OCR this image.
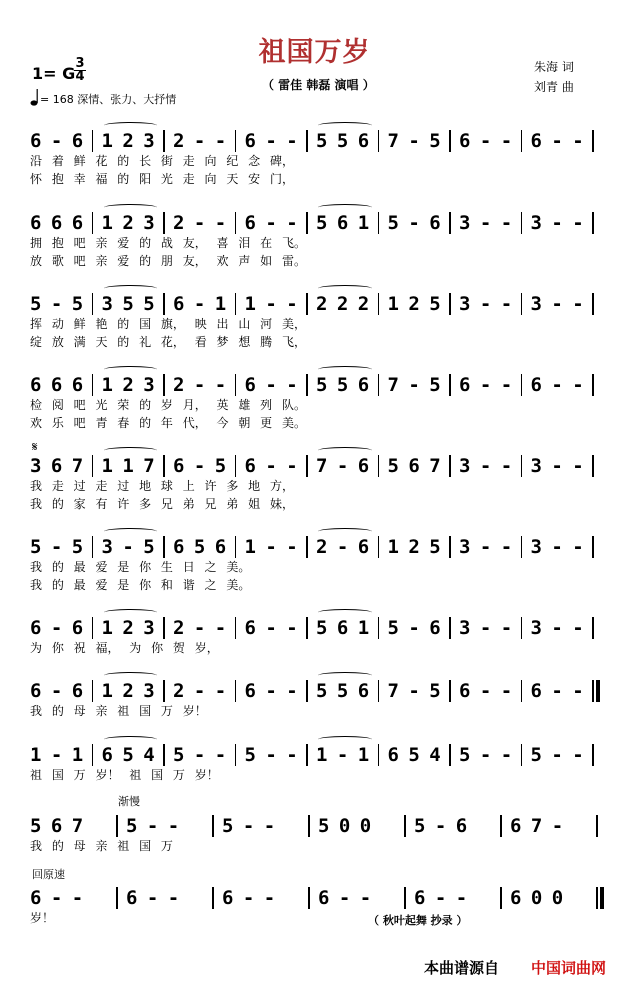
祖国万岁
（ 雷佳 韩磊 演唱 ）
1= G
3
4
= 168 深情、张力、大抒情
朱海 词
刘青 曲
𝄋
渐慢
回原速
（ 秋叶起舞 抄录 ）
本曲谱源自 中国词曲网
6 - 6 1 2 3 2 - - 6 - - 5 5 6 7 - 5 6 - - 6 - -
沿 着 鲜 花 的 长 街 走 向 纪 念 碑，
怀 抱 幸 福 的 阳 光 走 向 天 安 门，
6 6 6 1 2 3 2 - - 6 - - 5 6 1 5 - 6 3 - - 3 - -
拥 抱 吧 亲 爱 的 战 友， 喜 泪 在 飞。
放 歌 吧 亲 爱 的 朋 友， 欢 声 如 雷。
5 - 5 3 5 5 6 - 1 1 - - 2 2 2 1 2 5 3 - - 3 - -
挥 动 鲜 艳 的 国 旗， 映 出 山 河 美，
绽 放 满 天 的 礼 花， 看 梦 想 腾 飞，
6 6 6 1 2 3 2 - - 6 - - 5 5 6 7 - 5 6 - - 6 - -
检 阅 吧 光 荣 的 岁 月， 英 雄 列 队。
欢 乐 吧 青 春 的 年 代， 今 朝 更 美。
3 6 7 1 1 7 6 - 5 6 - - 7 - 6 5 6 7 3 - - 3 - -
我 走 过 走 过 地 球 上 许 多 地 方，
我 的 家 有 许 多 兄 弟 兄 弟 姐 妹，
5 - 5 3 - 5 6 5 6 1 - - 2 - 6 1 2 5 3 - - 3 - -
我 的 最 爱 是 你 生 日 之 美。
我 的 最 爱 是 你 和 谐 之 美。
6 - 6 1 2 3 2 - - 6 - - 5 6 1 5 - 6 3 - - 3 - -
为 你 祝 福， 为 你 贺 岁，
6 - 6 1 2 3 2 - - 6 - - 5 5 6 7 - 5 6 - - 6 - -
我 的 母 亲 祖 国 万 岁！
1 - 1 6 5 4 5 - - 5 - - 1 - 1 6 5 4 5 - - 5 - -
祖 国 万 岁！ 祖 国 万 岁！
5 6 7 5 - - 5 - - 5 0 0 5 - 6 6 7 -
我 的 母 亲 祖 国 万
6 - - 6 - - 6 - - 6 - - 6 - - 6 0 0
岁！
